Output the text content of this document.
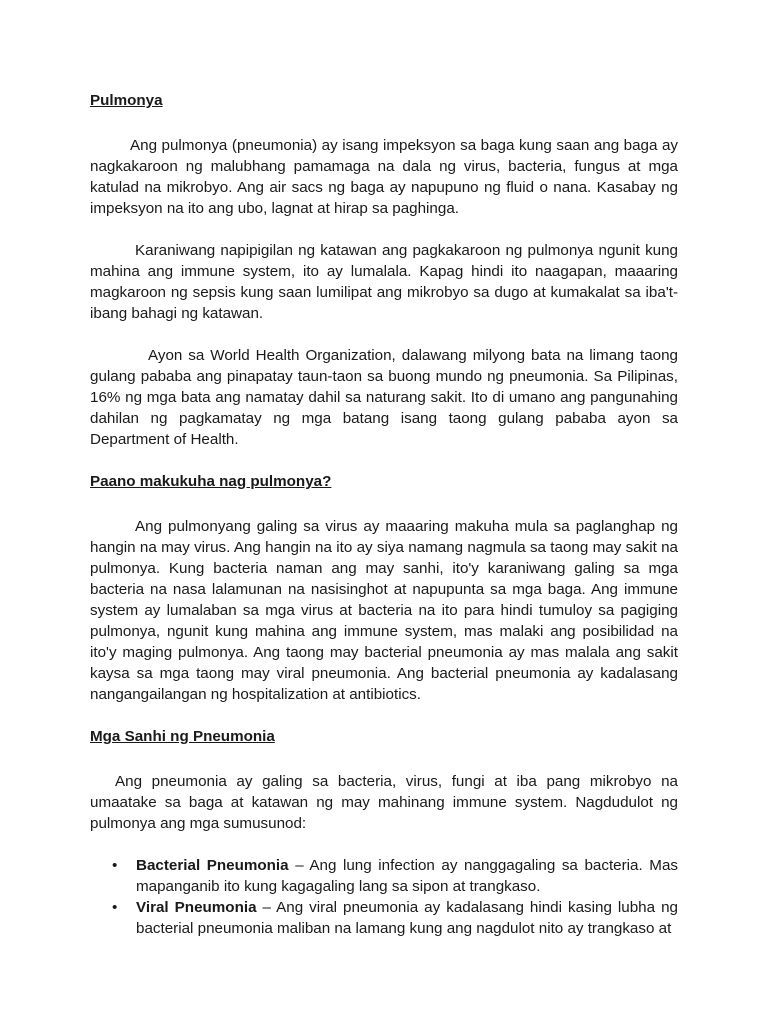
Pulmonya

Ang pulmonya (pneumonia) ay isang impeksyon sa baga kung saan ang baga ay nagkakaroon ng malubhang pamamaga na dala ng virus, bacteria, fungus at mga katulad na mikrobyo. Ang air sacs ng baga ay napupuno ng fluid o nana. Kasabay ng impeksyon na ito ang ubo, lagnat at hirap sa paghinga.

Karaniwang napipigilan ng katawan ang pagkakaroon ng pulmonya ngunit kung mahina ang immune system, ito ay lumalala. Kapag hindi ito naagapan, maaaring magkaroon ng sepsis kung saan lumilipat ang mikrobyo sa dugo at kumakalat sa iba't-ibang bahagi ng katawan.

Ayon sa World Health Organization, dalawang milyong bata na limang taong gulang pababa ang pinapatay taun-taon sa buong mundo ng pneumonia. Sa Pilipinas, 16% ng mga bata ang namatay dahil sa naturang sakit. Ito di umano ang pangunahing dahilan ng pagkamatay ng mga batang isang taong gulang pababa ayon sa Department of Health.

Paano makukuha nag pulmonya?

Ang pulmonyang galing sa virus ay maaaring makuha mula sa paglanghap ng hangin na may virus. Ang hangin na ito ay siya namang nagmula sa taong may sakit na pulmonya. Kung bacteria naman ang may sanhi, ito'y karaniwang galing sa mga bacteria na nasa lalamunan na nasisinghot at napupunta sa mga baga. Ang immune system ay lumalaban sa mga virus at bacteria na ito para hindi tumuloy sa pagiging pulmonya, ngunit kung mahina ang immune system, mas malaki ang posibilidad na ito'y maging pulmonya. Ang taong may bacterial pneumonia ay mas malala ang sakit kaysa sa mga taong may viral pneumonia. Ang bacterial pneumonia ay kadalasang nangangailangan ng hospitalization at antibiotics.

Mga Sanhi ng Pneumonia

Ang pneumonia ay galing sa bacteria, virus, fungi at iba pang mikrobyo na umaatake sa baga at katawan ng may mahinang immune system. Nagdudulot ng pulmonya ang mga sumusunod:

• Bacterial Pneumonia – Ang lung infection ay nanggagaling sa bacteria. Mas mapanganib ito kung kagagaling lang sa sipon at trangkaso.
• Viral Pneumonia – Ang viral pneumonia ay kadalasang hindi kasing lubha ng bacterial pneumonia maliban na lamang kung ang nagdulot nito ay trangkaso at
